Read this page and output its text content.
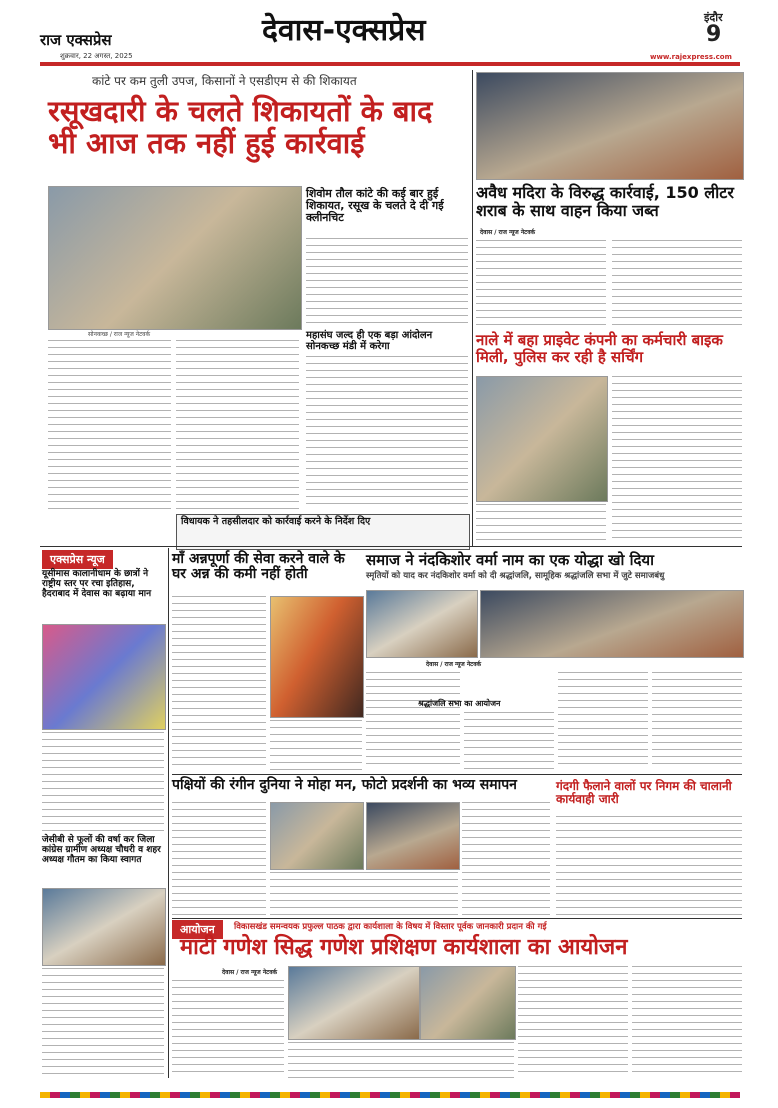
राज एक्सप्रेस
शुक्रवार, 22 अगस्त, 2025
देवास-एक्सप्रेस	इंदौर
9
www.rajexpress.com
कांटे पर कम तुली उपज, किसानों ने एसडीएम से की शिकायत
रसूखदारी के चलते शिकायतों के बाद भी आज तक नहीं हुई कार्रवाई
सोनकच्छ / राज न्यूज नेटवर्क
शिवोम तौल कांटे की कई बार हुई शिकायत, रसूख के चलते दे दी गई क्लीनचिट
महासंघ जल्द ही एक बड़ा आंदोलन सोनकच्छ मंडी में करेगा
विधायक ने तहसीलदार को कार्रवाई करने के निर्देश दिए
अवैध मदिरा के विरुद्ध कार्रवाई, 150 लीटर शराब के साथ वाहन किया जब्त
देवास / राज न्यूज नेटवर्क
नाले में बहा प्राइवेट कंपनी का कर्मचारी बाइक मिली, पुलिस कर रही है सर्चिंग
एक्सप्रेस न्यूज
यूसीमास कालानीधाम के छात्रों ने राष्ट्रीय स्तर पर रचा इतिहास, हैदराबाद में देवास का बढ़ाया मान
जेसीबी से फूलों की वर्षा कर जिला कांग्रेस ग्रामीण अध्यक्ष चौधरी व शहर अध्यक्ष गौतम का किया स्वागत
माँ अन्नपूर्णा की सेवा करने वाले के घर अन्न की कमी नहीं होती
समाज ने नंदकिशोर वर्मा नाम का एक योद्धा खो दिया
स्मृतियों को याद कर नंदकिशोर वर्मा को दी श्रद्धांजलि, सामूहिक श्रद्धांजलि सभा में जुटे समाजबंधु
देवास / राज न्यूज नेटवर्क
श्रद्धांजलि सभा का आयोजन
पक्षियों की रंगीन दुनिया ने मोहा मन, फोटो प्रदर्शनी का भव्य समापन	गंदगी फैलाने वालों पर निगम की चालानी कार्यवाही जारी
आयोजन	विकासखंड समन्वयक प्रफुल्ल पाठक द्वारा कार्यशाला के विषय में विस्तार पूर्वक जानकारी प्रदान की गई
माटी गणेश सिद्ध गणेश प्रशिक्षण कार्यशाला का आयोजन
देवास / राज न्यूज नेटवर्क
